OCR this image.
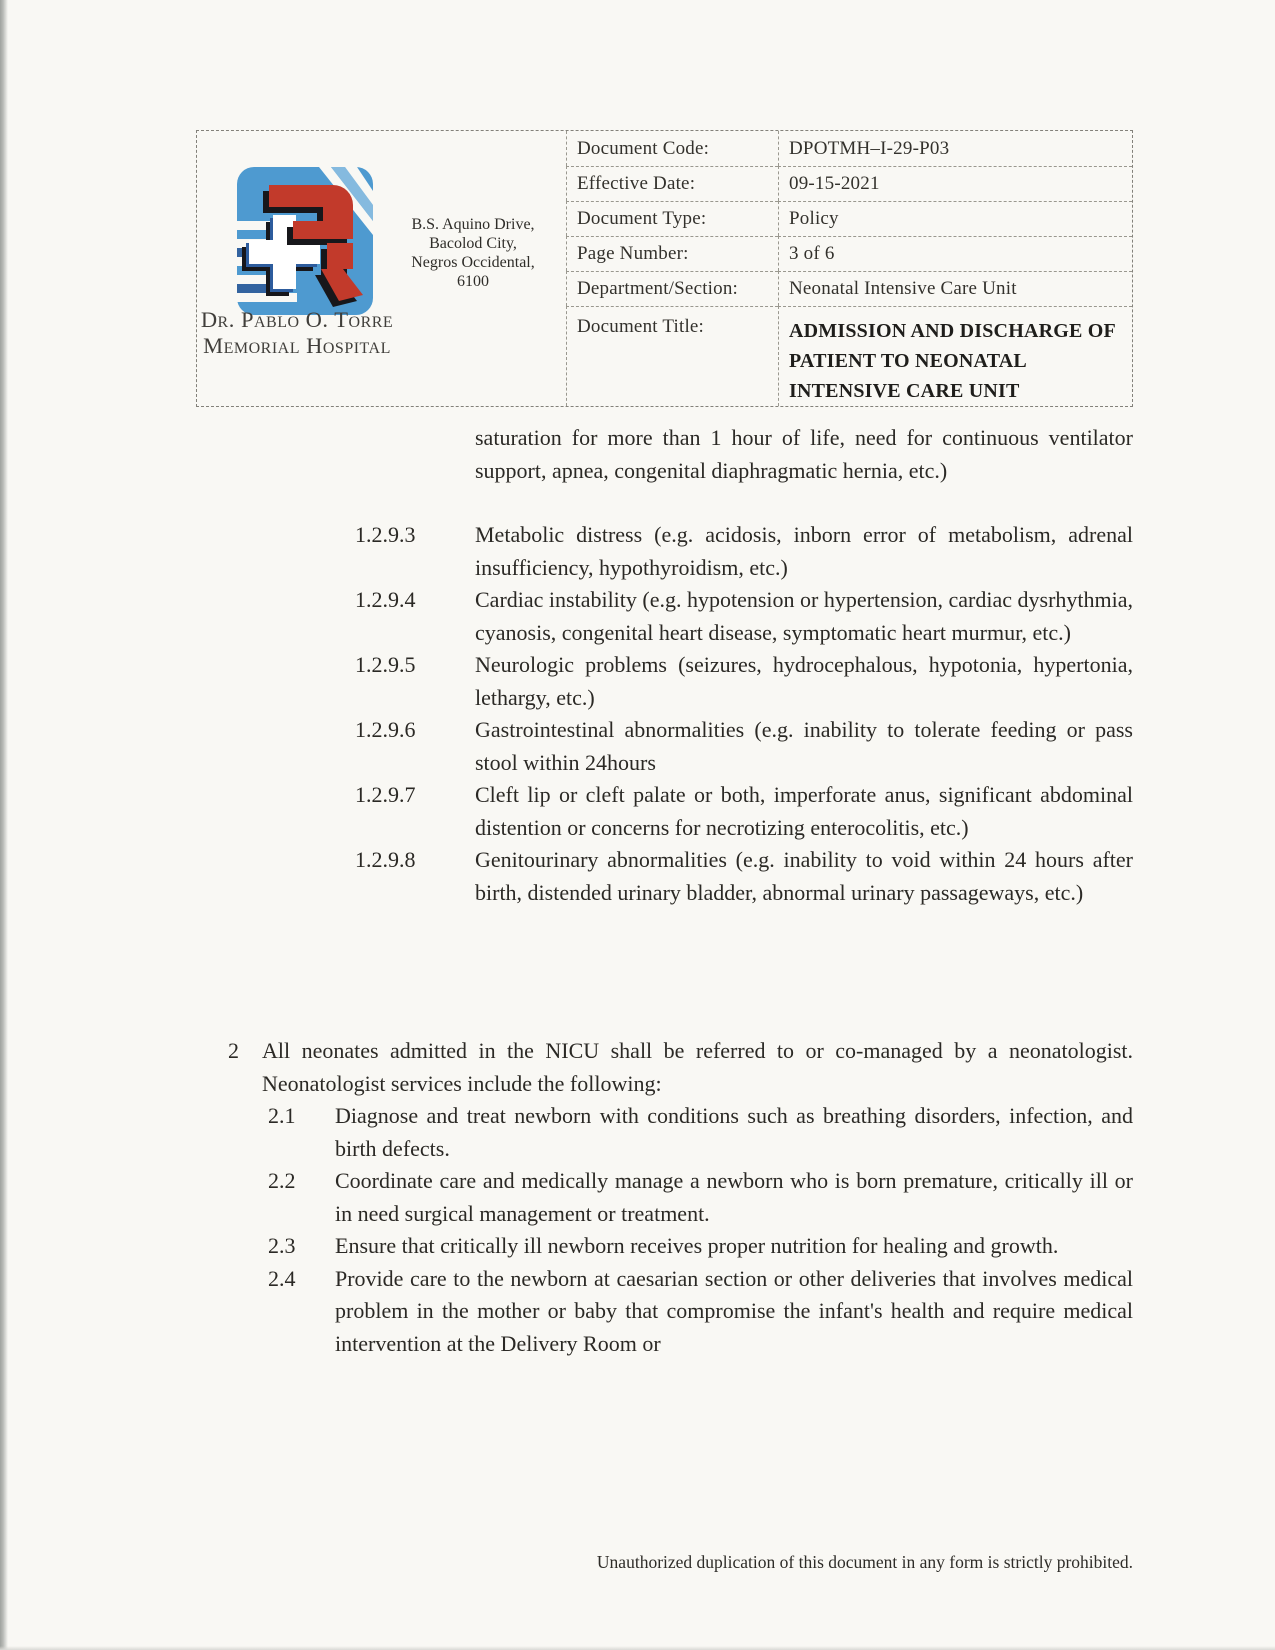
B.S. Aquino Drive,
Bacolod City,
Negros Occidental,
6100
Dr. Pablo O. Torre
Memorial Hospital
Document Code:	DPOTMH–I-29-P03
Effective Date:	09-15-2021
Document Type:	Policy
Page Number:	3 of 6
Department/Section:	Neonatal Intensive Care Unit
Document Title:	ADMISSION AND DISCHARGE OF PATIENT TO NEONATAL INTENSIVE CARE UNIT
saturation for more than 1 hour of life, need for continuous ventilator support, apnea, congenital diaphragmatic hernia, etc.)
1.2.9.3	Metabolic distress (e.g. acidosis, inborn error of metabolism, adrenal insufficiency, hypothyroidism, etc.)
1.2.9.4	Cardiac instability (e.g. hypotension or hypertension, cardiac dysrhythmia, cyanosis, congenital heart disease, symptomatic heart murmur, etc.)
1.2.9.5	Neurologic problems (seizures, hydrocephalous, hypotonia, hypertonia, lethargy, etc.)
1.2.9.6	Gastrointestinal abnormalities (e.g. inability to tolerate feeding or pass stool within 24hours
1.2.9.7	Cleft lip or cleft palate or both, imperforate anus, significant abdominal distention or concerns for necrotizing enterocolitis, etc.)
1.2.9.8	Genitourinary abnormalities (e.g. inability to void within 24 hours after birth, distended urinary bladder, abnormal urinary passageways, etc.)
2	All neonates admitted in the NICU shall be referred to or co-managed by a neonatologist. Neonatologist services include the following:
2.1	Diagnose and treat newborn with conditions such as breathing disorders, infection, and birth defects.
2.2	Coordinate care and medically manage a newborn who is born premature, critically ill or in need surgical management or treatment.
2.3	Ensure that critically ill newborn receives proper nutrition for healing and growth.
2.4	Provide care to the newborn at caesarian section or other deliveries that involves medical problem in the mother or baby that compromise the infant's health and require medical intervention at the Delivery Room or
Unauthorized duplication of this document in any form is strictly prohibited.
